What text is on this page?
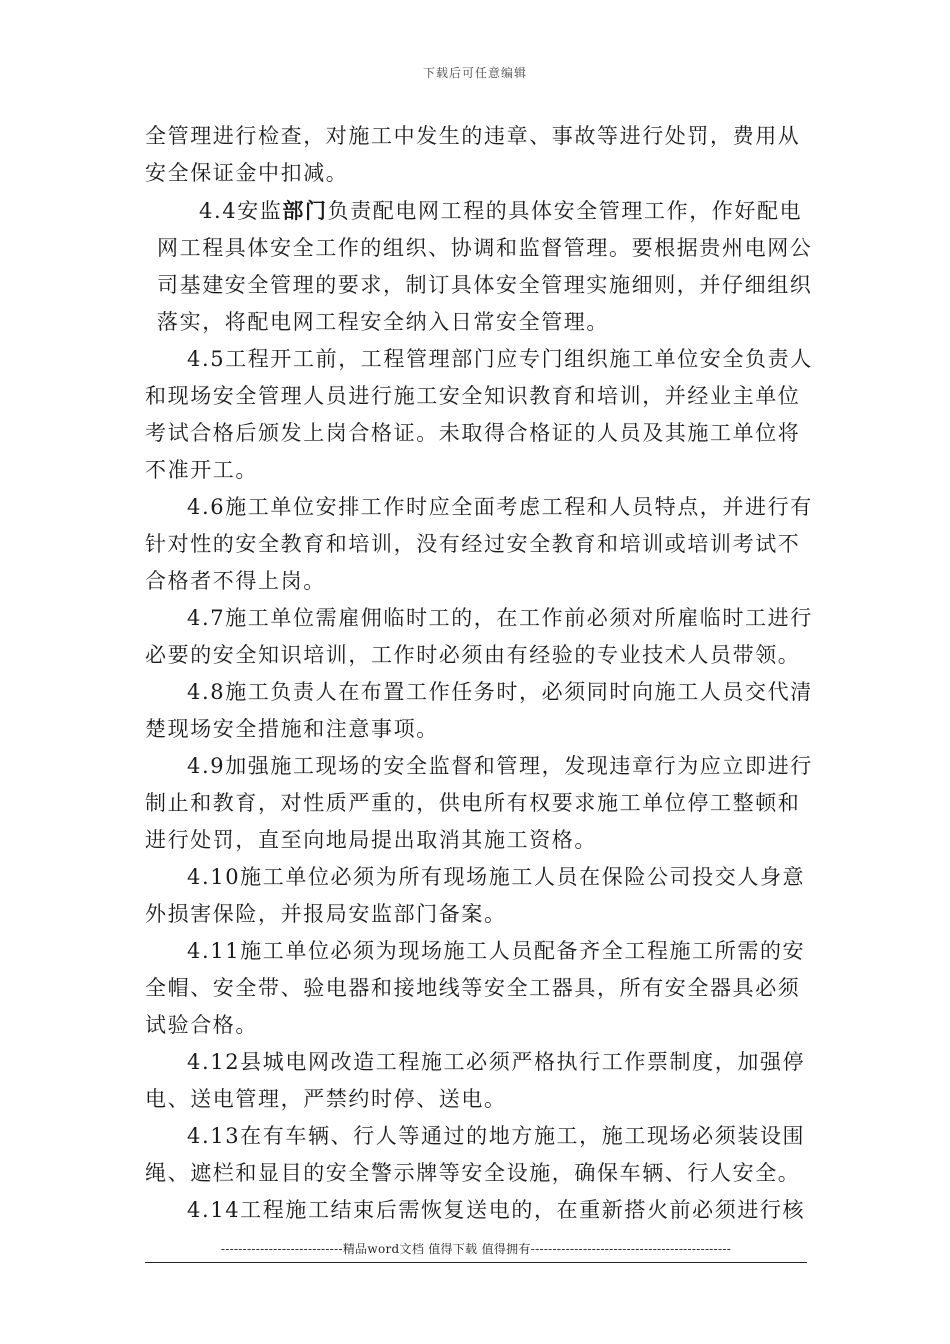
下载后可任意编辑

全管理进行检查，对施工中发生的违章、事故等进行处罚，费用从安全保证金中扣减。

4.4安监部门负责配电网工程的具体安全管理工作，作好配电网工程具体安全工作的组织、协调和监督管理。要根据贵州电网公司基建安全管理的要求，制订具体安全管理实施细则，并仔细组织落实，将配电网工程安全纳入日常安全管理。

4.5工程开工前，工程管理部门应专门组织施工单位安全负责人和现场安全管理人员进行施工安全知识教育和培训，并经业主单位考试合格后颁发上岗合格证。未取得合格证的人员及其施工单位将不准开工。

4.6施工单位安排工作时应全面考虑工程和人员特点，并进行有针对性的安全教育和培训，没有经过安全教育和培训或培训考试不合格者不得上岗。

4.7施工单位需雇佣临时工的，在工作前必须对所雇临时工进行必要的安全知识培训，工作时必须由有经验的专业技术人员带领。

4.8施工负责人在布置工作任务时，必须同时向施工人员交代清楚现场安全措施和注意事项。

4.9加强施工现场的安全监督和管理，发现违章行为应立即进行制止和教育，对性质严重的，供电所有权要求施工单位停工整顿和进行处罚，直至向地局提出取消其施工资格。

4.10施工单位必须为所有现场施工人员在保险公司投交人身意外损害保险，并报局安监部门备案。

4.11施工单位必须为现场施工人员配备齐全工程施工所需的安全帽、安全带、验电器和接地线等安全工器具，所有安全器具必须试验合格。

4.12县城电网改造工程施工必须严格执行工作票制度，加强停电、送电管理，严禁约时停、送电。

4.13在有车辆、行人等通过的地方施工，施工现场必须装设围绳、遮栏和显目的安全警示牌等安全设施，确保车辆、行人安全。

4.14工程施工结束后需恢复送电的，在重新搭火前必须进行核

----------------------------精品word文档 值得下载 值得拥有----------------------------------------------
